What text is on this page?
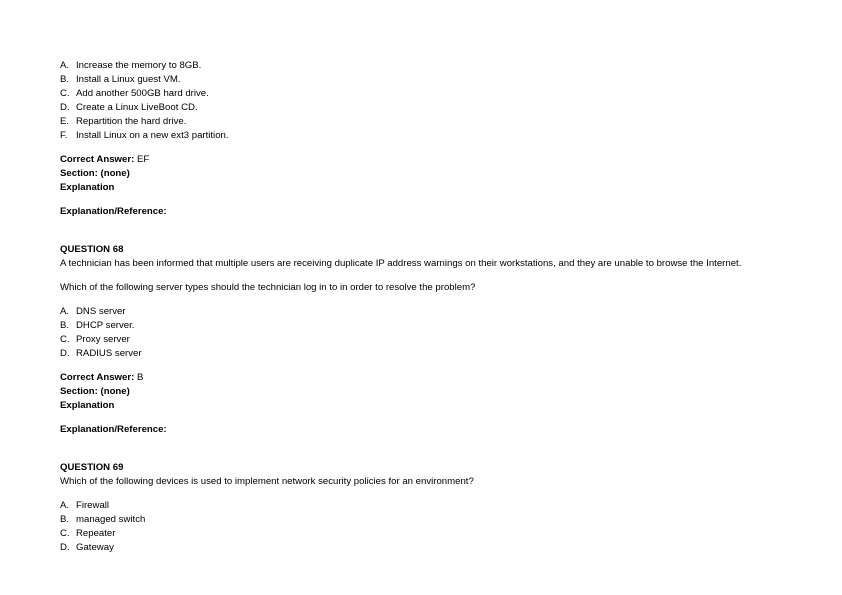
A. Increase the memory to 8GB.
B. Install a Linux guest VM.
C. Add another 500GB hard drive.
D. Create a Linux LiveBoot CD.
E. Repartition the hard drive.
F. Install Linux on a new ext3 partition.
Correct Answer: EF
Section: (none)
Explanation
Explanation/Reference:
QUESTION 68
A technician has been informed that multiple users are receiving duplicate IP address warnings on their workstations, and they are unable to browse the Internet.
Which of the following server types should the technician log in to in order to resolve the problem?
A. DNS server
B. DHCP server.
C. Proxy server
D. RADIUS server
Correct Answer: B
Section: (none)
Explanation
Explanation/Reference:
QUESTION 69
Which of the following devices is used to implement network security policies for an environment?
A. Firewall
B. managed switch
C. Repeater
D. Gateway
